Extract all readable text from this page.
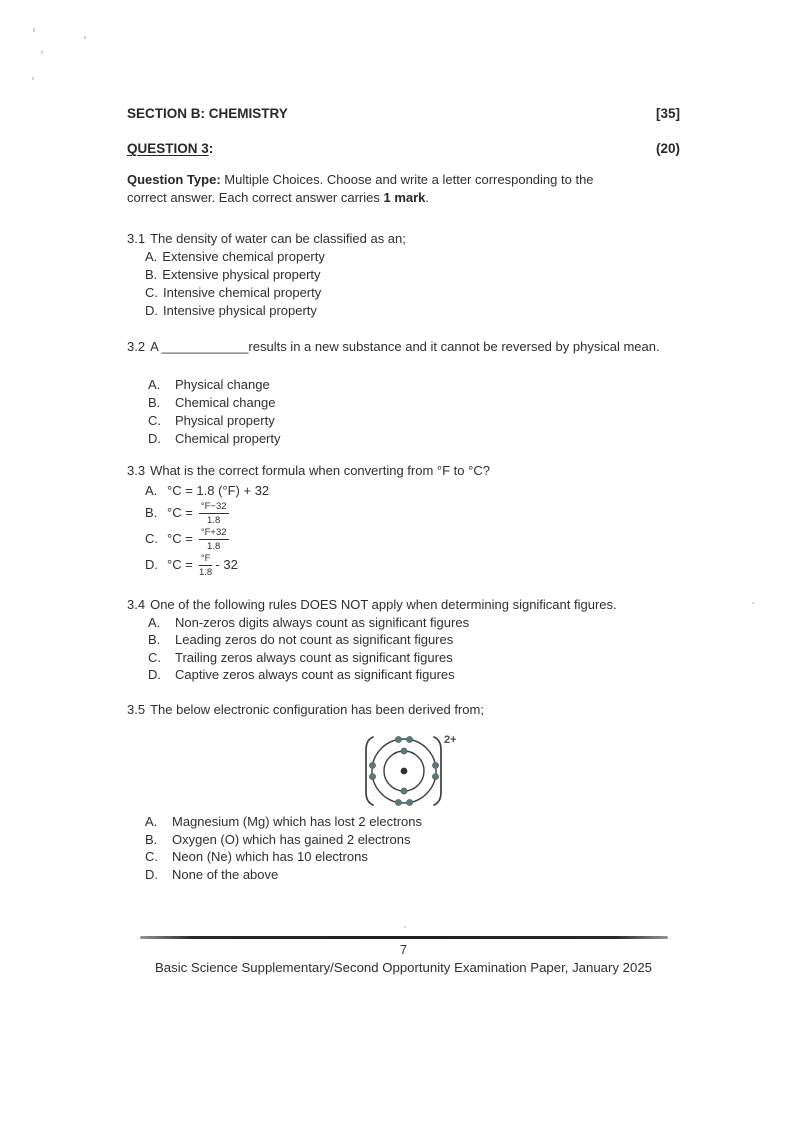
SECTION B: CHEMISTRY	[35]
QUESTION 3:	(20)
Question Type: Multiple Choices. Choose and write a letter corresponding to the
correct answer. Each correct answer carries 1 mark.
3.1 The density of water can be classified as an;
A. Extensive chemical property
B. Extensive physical property
C. Intensive chemical property
D. Intensive physical property
3.2 A ____________results in a new substance and it cannot be reversed by physical mean.
A. Physical change
B. Chemical change
C. Physical property
D. Chemical property
3.3 What is the correct formula when converting from °F to °C?
A. °C = 1.8 (°F) + 32
B. $^\circ C = \frac{^\circ F-32}{1.8}$
C. $^\circ C = \frac{^\circ F+32}{1.8}$
D. $^\circ C = \frac{^\circ F}{1.8} - 32$
3.4 One of the following rules DOES NOT apply when determining significant figures.
A. Non-zeros digits always count as significant figures
B. Leading zeros do not count as significant figures
C. Trailing zeros always count as significant figures
D. Captive zeros always count as significant figures
3.5 The below electronic configuration has been derived from;
2+
A. Magnesium (Mg) which has lost 2 electrons
B. Oxygen (O) which has gained 2 electrons
C. Neon (Ne) which has 10 electrons
D. None of the above
7
Basic Science Supplementary/Second Opportunity Examination Paper, January 2025
